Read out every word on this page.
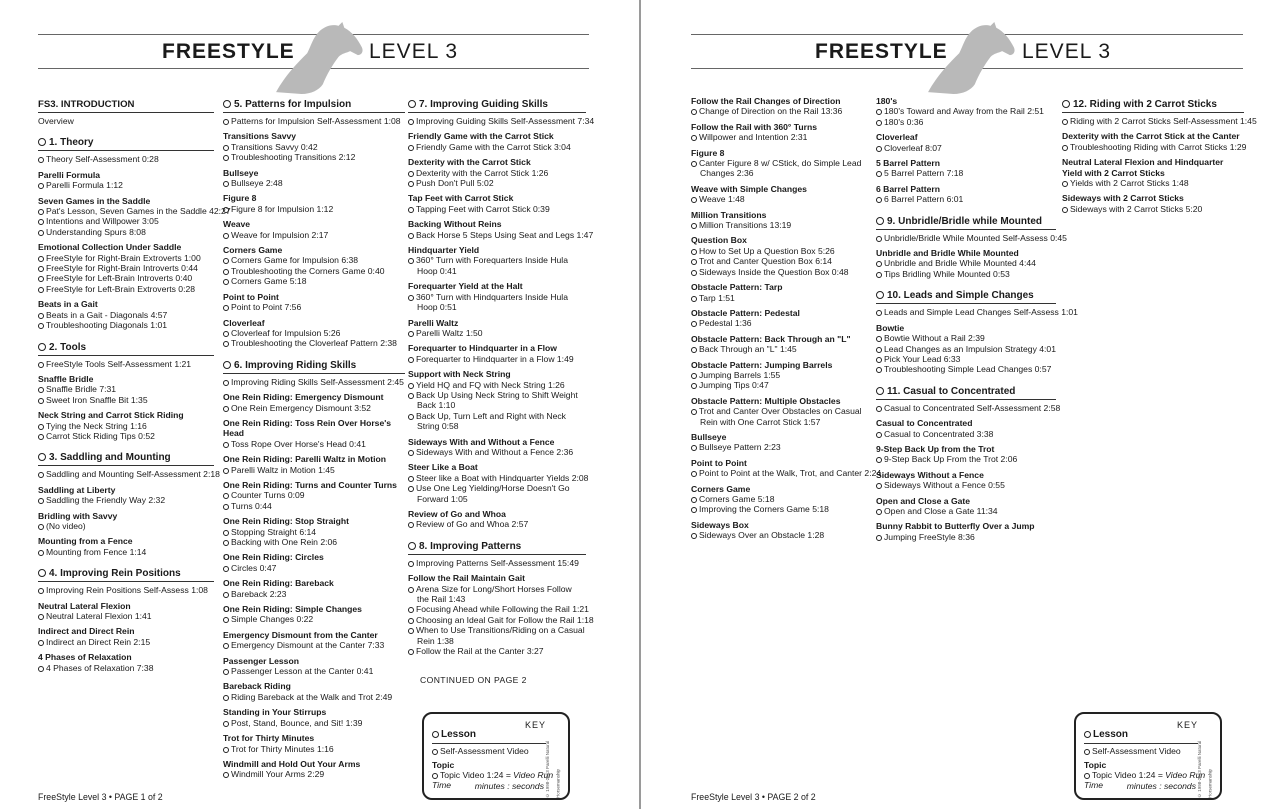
FREESTYLE	LEVEL 3
FS3. INTRODUCTION
Overview
1. Theory
Theory Self-Assessment 0:28
Parelli Formula
Parelli Formula 1:12
Seven Games in the Saddle
Pat's Lesson, Seven Games in the Saddle 42:27
Intentions and Willpower 3:05
Understanding Spurs 8:08
Emotional Collection Under Saddle
FreeStyle for Right-Brain Extroverts 1:00
FreeStyle for Right-Brain Introverts 0:44
FreeStyle for Left-Brain Introverts 0:40
FreeStyle for Left-Brain Extroverts 0:28
Beats in a Gait
Beats in a Gait - Diagonals 4:57
Troubleshooting Diagonals 1:01
2. Tools
FreeStyle Tools Self-Assessment 1:21
Snaffle Bridle
Snaffle Bridle 7:31
Sweet Iron Snaffle Bit 1:35
Neck String and Carrot Stick Riding
Tying the Neck String 1:16
Carrot Stick Riding Tips 0:52
3. Saddling and Mounting
Saddling and Mounting Self-Assessment 2:18
Saddling at Liberty
Saddling the Friendly Way 2:32
Bridling with Savvy
(No video)
Mounting from a Fence
Mounting from Fence 1:14
4. Improving Rein Positions
Improving Rein Positions Self-Assess 1:08
Neutral Lateral Flexion
Neutral Lateral Flexion 1:41
Indirect and Direct Rein
Indirect an Direct Rein 2:15
4 Phases of Relaxation
4 Phases of Relaxation 7:38
5. Patterns for Impulsion
Patterns for Impulsion Self-Assessment 1:08
Transitions Savvy
Transitions Savvy 0:42
Troubleshooting Transitions 2:12
Bullseye
Bullseye 2:48
Figure 8
Figure 8 for Impulsion 1:12
Weave
Weave for Impulsion 2:17
Corners Game
Corners Game for Impulsion 6:38
Troubleshooting the Corners Game 0:40
Corners Game 5:18
Point to Point
Point to Point 7:56
Cloverleaf
Cloverleaf for Impulsion 5:26
Troubleshooting the Cloverleaf Pattern 2:38
6. Improving Riding Skills
Improving Riding Skills Self-Assessment 2:45
One Rein Riding: Emergency Dismount
One Rein Emergency Dismount 3:52
One Rein Riding: Toss Rein Over Horse's Head
Toss Rope Over Horse's Head 0:41
One Rein Riding: Parelli Waltz in Motion
Parelli Waltz in Motion 1:45
One Rein Riding: Turns and Counter Turns
Counter Turns 0:09
Turns 0:44
One Rein Riding: Stop Straight
Stopping Straight 6:14
Backing with One Rein 2:06
One Rein Riding: Circles
Circles 0:47
One Rein Riding: Bareback
Bareback 2:23
One Rein Riding: Simple Changes
Simple Changes 0:22
Emergency Dismount from the Canter
Emergency Dismount at the Canter 7:33
Passenger Lesson
Passenger Lesson at the Canter 0:41
Bareback Riding
Riding Bareback at the Walk and Trot 2:49
Standing in Your Stirrups
Post, Stand, Bounce, and Sit! 1:39
Trot for Thirty Minutes
Trot for Thirty Minutes 1:16
Windmill and Hold Out Your Arms
Windmill Your Arms 2:29
7. Improving Guiding Skills
Improving Guiding Skills Self-Assessment 7:34
Friendly Game with the Carrot Stick
Friendly Game with the Carrot Stick 3:04
Dexterity with the Carrot Stick
Dexterity with the Carrot Stick 1:26
Push Don't Pull 5:02
Tap Feet with Carrot Stick
Tapping Feet with Carrot Stick 0:39
Backing Without Reins
Back Horse 5 Steps Using Seat and Legs 1:47
Hindquarter Yield
360° Turn with Forequarters Inside Hula Hoop 0:41
Forequarter Yield at the Halt
360° Turn with Hindquarters Inside Hula Hoop 0:51
Parelli Waltz
Parelli Waltz 1:50
Forequarter to Hindquarter in a Flow
Forequarter to Hindquarter in a Flow 1:49
Support with Neck String
Yield HQ and FQ with Neck String 1:26
Back Up Using Neck String to Shift Weight Back 1:10
Back Up, Turn Left and Right with Neck String 0:58
Sideways With and Without a Fence
Sideways With and Without a Fence 2:36
Steer Like a Boat
Steer like a Boat with Hindquarter Yields 2:08
Use One Leg Yielding/Horse Doesn't Go Forward 1:05
Review of Go and Whoa
Review of Go and Whoa 2:57
8. Improving Patterns
Improving Patterns Self-Assessment 15:49
Follow the Rail Maintain Gait
Arena Size for Long/Short Horses Follow the Rail 1:43
Focusing Ahead while Following the Rail 1:21
Choosing an Ideal Gait for Follow the Rail 1:18
When to Use Transitions/Riding on a Casual Rein 1:38
Follow the Rail at the Canter 3:27
CONTINUED ON PAGE 2
FreeStyle Level 3 • PAGE 1 of 2
KEY
Lesson
Self-Assessment Video
Topic
Topic Video 1:24 = Video Run Time	minutes : seconds © 1998-2013 Parelli Natural Horsemanship
FREESTYLE	LEVEL 3
Follow the Rail Changes of Direction
Change of Direction on the Rail 13:36
Follow the Rail with 360° Turns
Willpower and Intention 2:31
Figure 8
Canter Figure 8 w/ CStick, do Simple Lead Changes 2:36
Weave with Simple Changes
Weave 1:48
Million Transitions
Million Transitions 13:19
Question Box
How to Set Up a Question Box 5:26
Trot and Canter Question Box 6:14
Sideways Inside the Question Box 0:48
Obstacle Pattern: Tarp
Tarp 1:51
Obstacle Pattern: Pedestal
Pedestal 1:36
Obstacle Pattern: Back Through an "L"
Back Through an "L" 1:45
Obstacle Pattern: Jumping Barrels
Jumping Barrels 1:55
Jumping Tips 0:47
Obstacle Pattern: Multiple Obstacles
Trot and Canter Over Obstacles on Casual Rein with One Carrot Stick 1:57
Bullseye
Bullseye Pattern 2:23
Point to Point
Point to Point at the Walk, Trot, and Canter 2:24
Corners Game
Corners Game 5:18
Improving the Corners Game 5:18
Sideways Box
Sideways Over an Obstacle 1:28
180's
180's Toward and Away from the Rail 2:51
180's 0:36
Cloverleaf
Cloverleaf 8:07
5 Barrel Pattern
5 Barrel Pattern 7:18
6 Barrel Pattern
6 Barrel Pattern 6:01
9. Unbridle/Bridle while Mounted
Unbridle/Bridle While Mounted Self-Assess 0:45
Unbridle and Bridle While Mounted
Unbridle and Bridle While Mounted 4:44
Tips Bridling While Mounted 0:53
10. Leads and Simple Changes
Leads and Simple Lead Changes Self-Assess 1:01
Bowtie
Bowtie Without a Rail 2:39
Lead Changes as an Impulsion Strategy 4:01
Pick Your Lead 6:33
Troubleshooting Simple Lead Changes 0:57
11. Casual to Concentrated
Casual to Concentrated Self-Assessment 2:58
Casual to Concentrated
Casual to Concentrated 3:38
9-Step Back Up from the Trot
9-Step Back Up From the Trot 2:06
Sideways Without a Fence
Sideways Without a Fence 0:55
Open and Close a Gate
Open and Close a Gate 11:34
Bunny Rabbit to Butterfly Over a Jump
Jumping FreeStyle 8:36
12. Riding with 2 Carrot Sticks
Riding with 2 Carrot Sticks Self-Assessment 1:45
Dexterity with the Carrot Stick at the Canter
Troubleshooting Riding with Carrot Sticks 1:29
Neutral Lateral Flexion and Hindquarter Yield with 2 Carrot Sticks
Yields with 2 Carrot Sticks 1:48
Sideways with 2 Carrot Sticks
Sideways with 2 Carrot Sticks 5:20
FreeStyle Level 3 • PAGE 2 of 2
KEY
Lesson
Self-Assessment Video
Topic
Topic Video 1:24 = Video Run Time	minutes : seconds © 1998-2013 Parelli Natural Horsemanship
